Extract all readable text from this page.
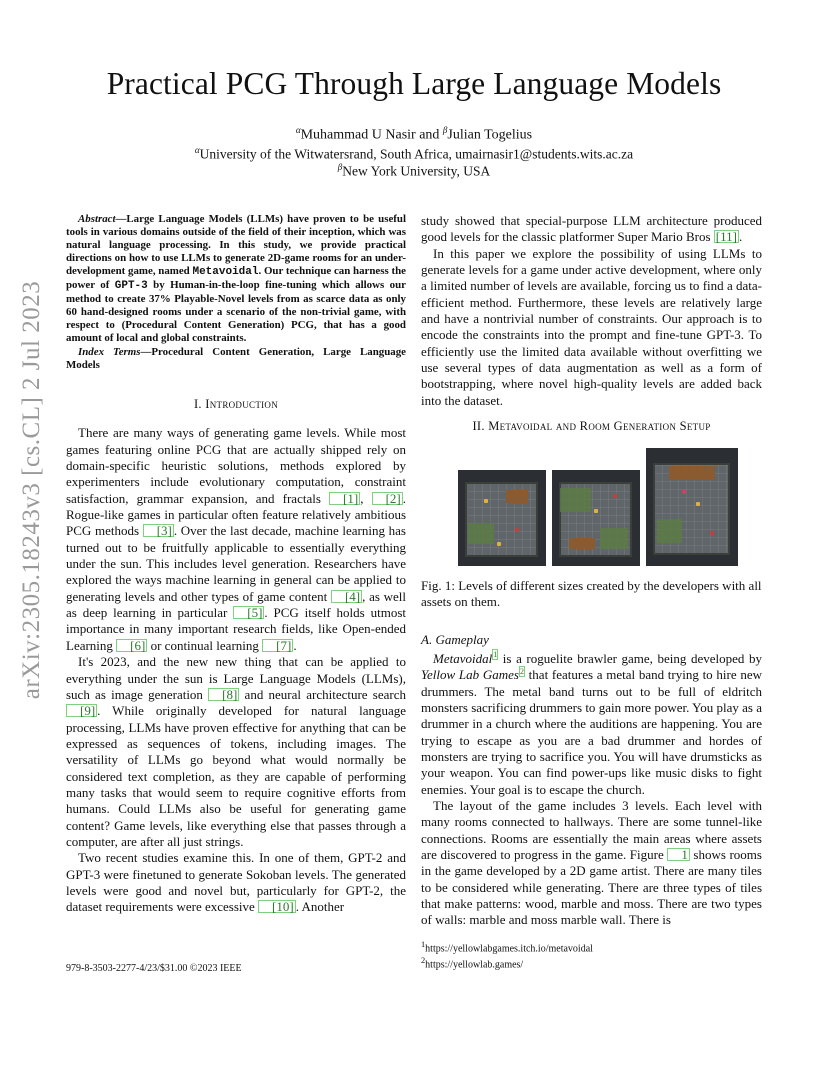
arXiv:2305.18243v3 [cs.CL] 2 Jul 2023
Practical PCG Through Large Language Models
$^\alpha$Muhammad U Nasir and $^\beta$Julian Togelius
$^\alpha$University of the Witwatersrand, South Africa, umairnasir1@students.wits.ac.za
$^\beta$New York University, USA

Abstract—Large Language Models (LLMs) have proven to be useful tools in various domains outside of the field of their inception, which was natural language processing. In this study, we provide practical directions on how to use LLMs to generate 2D-game rooms for an under-development game, named Metavoidal. Our technique can harness the power of GPT-3 by Human-in-the-loop fine-tuning which allows our method to create 37% Playable-Novel levels from as scarce data as only 60 hand-designed rooms under a scenario of the non-trivial game, with respect to (Procedural Content Generation) PCG, that has a good amount of local and global constraints.

Index Terms—Procedural Content Generation, Large Language Models

I. Introduction

There are many ways of generating game levels. While most games featuring online PCG that are actually shipped rely on domain-specific heuristic solutions, methods explored by experimenters include evolutionary computation, constraint satisfaction, grammar expansion, and fractals [1] , [2] . Rogue-like games in particular often feature relatively ambitious PCG methods [3] . Over the last decade, machine learning has turned out to be fruitfully applicable to essentially everything under the sun. This includes level generation. Researchers have explored the ways machine learning in general can be applied to generating levels and other types of game content [4] , as well as deep learning in particular [5] . PCG itself holds utmost importance in many important research fields, like Open-ended Learning [6] or continual learning [7] .

It's 2023, and the new new thing that can be applied to everything under the sun is Large Language Models (LLMs), such as image generation [8] and neural architecture search [9] . While originally developed for natural language processing, LLMs have proven effective for anything that can be expressed as sequences of tokens, including images. The versatility of LLMs go beyond what would normally be considered text completion, as they are capable of performing many tasks that would seem to require cognitive efforts from humans. Could LLMs also be useful for generating game content? Game levels, like everything else that passes through a computer, are after all just strings.

Two recent studies examine this. In one of them, GPT-2 and GPT-3 were finetuned to generate Sokoban levels. The generated levels were good and novel but, particularly for GPT-2, the dataset requirements were excessive [10] . Another

study showed that special-purpose LLM architecture produced good levels for the classic platformer Super Mario Bros [11] .

In this paper we explore the possibility of using LLMs to generate levels for a game under active development, where only a limited number of levels are available, forcing us to find a data-efficient method. Furthermore, these levels are relatively large and have a nontrivial number of constraints. Our approach is to encode the constraints into the prompt and fine-tune GPT-3. To efficiently use the limited data available without overfitting we use several types of data augmentation as well as a form of bootstrapping, where novel high-quality levels are added back into the dataset.

II. Metavoidal and Room Generation Setup

Fig. 1: Levels of different sizes created by the developers with all assets on them.

A. Gameplay

Metavoidal$^1$ is a roguelite brawler game, being developed by Yellow Lab Games$^2$ that features a metal band trying to hire new drummers. The metal band turns out to be full of eldritch monsters sacrificing drummers to gain more power. You play as a drummer in a church where the auditions are happening. You are trying to escape as you are a bad drummer and hordes of monsters are trying to sacrifice you. You will have drumsticks as your weapon. You can find power-ups like music disks to fight enemies. Your goal is to escape the church.

The layout of the game includes 3 levels. Each level with many rooms connected to hallways. There are some tunnel-like connections. Rooms are essentially the main areas where assets are discovered to progress in the game. Figure 1 shows rooms in the game developed by a 2D game artist. There are many tiles to be considered while generating. There are three types of tiles that make patterns: wood, marble and moss. There are two types of walls: marble and moss marble wall. There is

$^1$https://yellowlabgames.itch.io/metavoidal

$^2$https://yellowlab.games/

979-8-3503-2277-4/23/$31.00 ©2023 IEEE
